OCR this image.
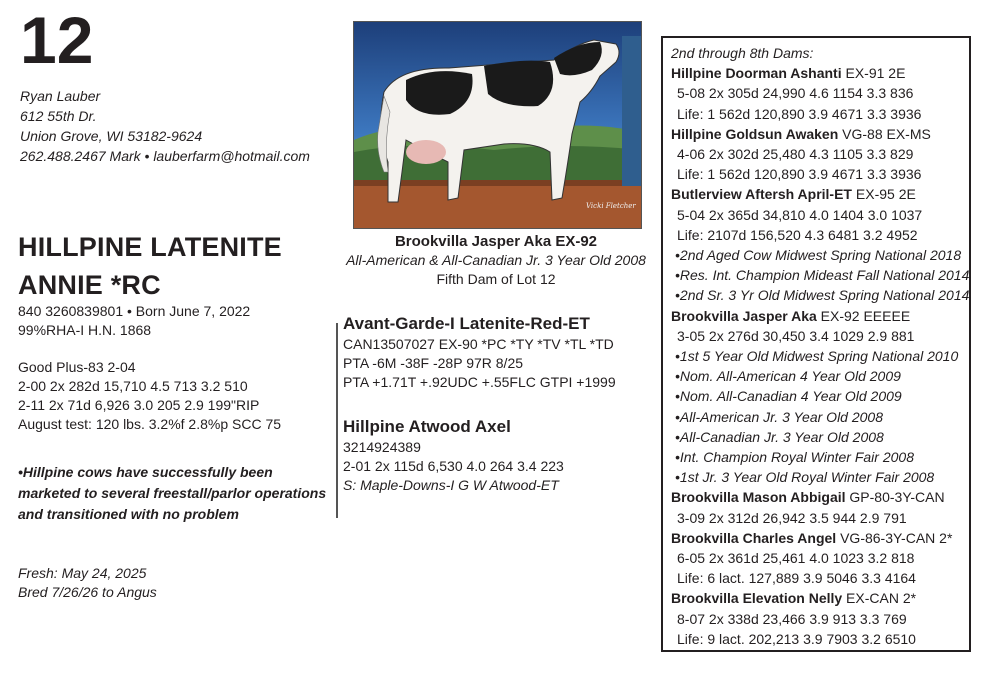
12
Ryan Lauber
612 55th Dr.
Union Grove, WI 53182-9624
262.488.2467 Mark • lauberfarm@hotmail.com
HILLPINE LATENITE
ANNIE *RC
840 3260839801 • Born June 7, 2022
99%RHA-I H.N. 1868
Good Plus-83 2-04
2-00 2x 282d 15,710 4.5 713 3.2 510
2-11 2x 71d 6,926 3.0 205 2.9 199"RIP
August test: 120 lbs. 3.2%f 2.8%p SCC 75
•Hillpine cows have successfully been marketed to several freestall/parlor operations and transitioned with no problem
Fresh: May 24, 2025
Bred 7/26/26 to Angus
Vicki Fletcher
Brookvilla Jasper Aka EX-92
All-American & All-Canadian Jr. 3 Year Old 2008
Fifth Dam of Lot 12
Avant-Garde-I Latenite-Red-ET
CAN13507027 EX-90 *PC *TY *TV *TL *TD
PTA -6M -38F -28P 97R 8/25
PTA +1.71T +.92UDC +.55FLC GTPI +1999
Hillpine Atwood Axel
3214924389
2-01 2x 115d 6,530 4.0 264 3.4 223
S: Maple-Downs-I G W Atwood-ET
2nd through 8th Dams:
Hillpine Doorman Ashanti EX-91 2E
5-08 2x 305d 24,990 4.6 1154 3.3 836
Life: 1 562d 120,890 3.9 4671 3.3 3936
Hillpine Goldsun Awaken VG-88 EX-MS
4-06 2x 302d 25,480 4.3 1105 3.3 829
Life: 1 562d 120,890 3.9 4671 3.3 3936
Butlerview Aftersh April-ET EX-95 2E
5-04 2x 365d 34,810 4.0 1404 3.0 1037
Life: 2107d 156,520 4.3 6481 3.2 4952
•2nd Aged Cow Midwest Spring National 2018
•Res. Int. Champion Mideast Fall National 2014
•2nd Sr. 3 Yr Old Midwest Spring National 2014
Brookvilla Jasper Aka EX-92 EEEEE
3-05 2x 276d 30,450 3.4 1029 2.9 881
•1st 5 Year Old Midwest Spring National 2010
•Nom. All-American 4 Year Old 2009
•Nom. All-Canadian 4 Year Old 2009
•All-American Jr. 3 Year Old 2008
•All-Canadian Jr. 3 Year Old 2008
•Int. Champion Royal Winter Fair 2008
•1st Jr. 3 Year Old Royal Winter Fair 2008
Brookvilla Mason Abbigail GP-80-3Y-CAN
3-09 2x 312d 26,942 3.5 944 2.9 791
Brookvilla Charles Angel VG-86-3Y-CAN 2*
6-05 2x 361d 25,461 4.0 1023 3.2 818
Life: 6 lact. 127,889 3.9 5046 3.3 4164
Brookvilla Elevation Nelly EX-CAN 2*
8-07 2x 338d 23,466 3.9 913 3.3 769
Life: 9 lact. 202,213 3.9 7903 3.2 6510
